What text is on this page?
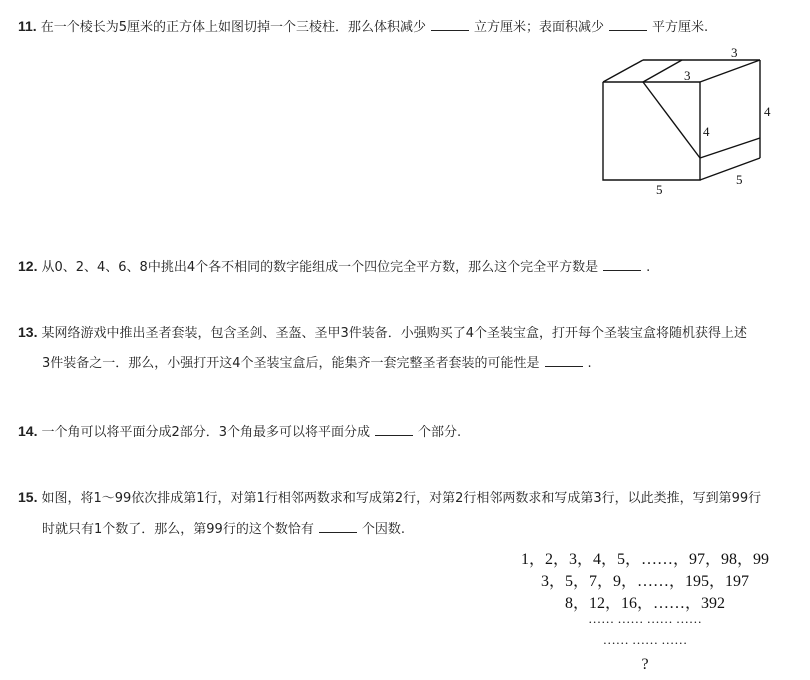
11. 在一个棱长为5厘米的正方体上如图切掉一个三棱柱．那么体积减少	立方厘米；表面积减少	平方厘米.
3
3
4
4
5
5
12. 从0、2、4、6、8中挑出4个各不相同的数字能组成一个四位完全平方数，那么这个完全平方数是	.
13. 某网络游戏中推出圣者套装，包含圣剑、圣盔、圣甲3件装备．小强购买了4个圣装宝盒，打开每个圣装宝盒将随机获得上述
3件装备之一．那么，小强打开这4个圣装宝盒后，能集齐一套完整圣者套装的可能性是	.
14. 一个角可以将平面分成2部分．3个角最多可以将平面分成	个部分.
15. 如图，将1～99依次排成第1行，对第1行相邻两数求和写成第2行，对第2行相邻两数求和写成第3行，以此类推，写到第99行
时就只有1个数了．那么，第99行的这个数恰有	个因数.
1，2，3，4，5，……，97，98，99
3，5，7，9，……，195，197
8，12，16，……，392
…… …… …… ……
…… …… ……
?
